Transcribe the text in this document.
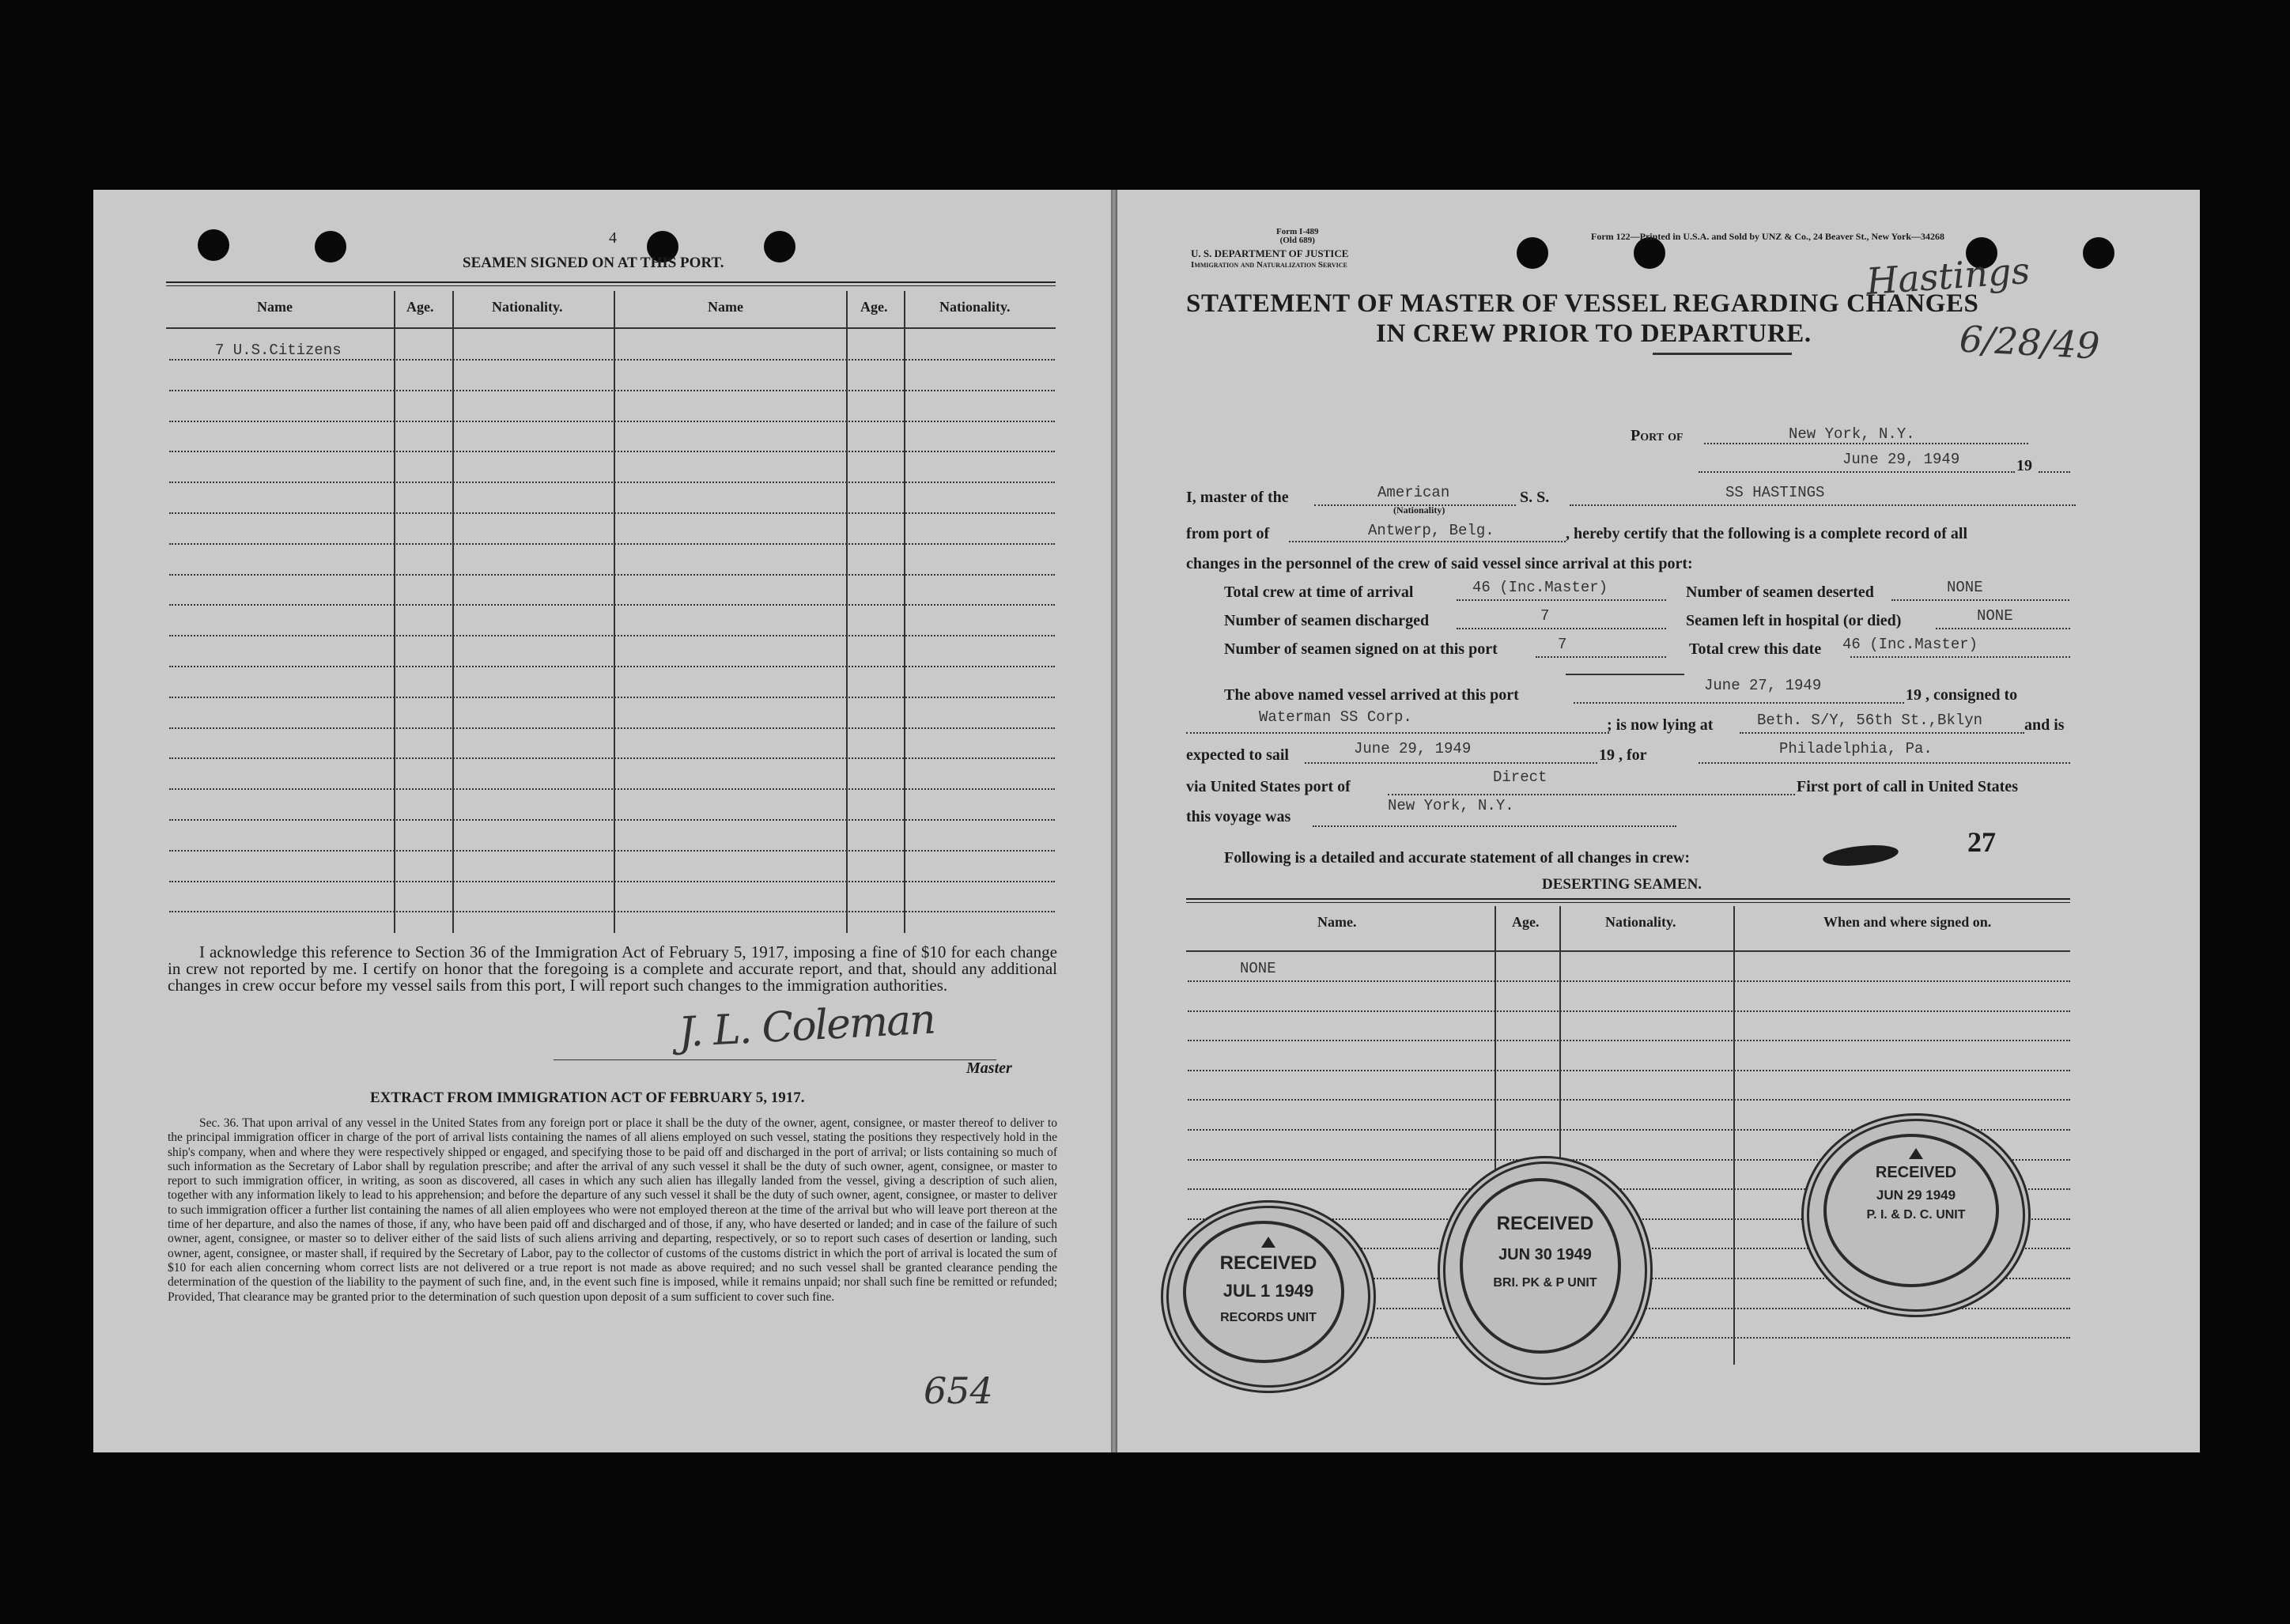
4
SEAMEN SIGNED ON AT THIS PORT.
Name	Age.	Nationality.	Name	Age.	Nationality.
7 U.S.Citizens
I acknowledge this reference to Section 36 of the Immigration Act of February 5, 1917, imposing a fine of $10 for each change in crew not reported by me. I certify on honor that the foregoing is a complete and accurate report, and that, should any additional changes in crew occur before my vessel sails from this port, I will report such changes to the immigration authorities.
J. L. Coleman
Master
EXTRACT FROM IMMIGRATION ACT OF FEBRUARY 5, 1917.
Sec. 36. That upon arrival of any vessel in the United States from any foreign port or place it shall be the duty of the owner, agent, consignee, or master thereof to deliver to the principal immigration officer in charge of the port of arrival lists containing the names of all aliens employed on such vessel, stating the positions they respectively hold in the ship's company, when and where they were respectively shipped or engaged, and specifying those to be paid off and discharged in the port of arrival; or lists containing so much of such information as the Secretary of Labor shall by regulation prescribe; and after the arrival of any such vessel it shall be the duty of such owner, agent, consignee, or master to report to such immigration officer, in writing, as soon as discovered, all cases in which any such alien has illegally landed from the vessel, giving a description of such alien, together with any information likely to lead to his apprehension; and before the departure of any such vessel it shall be the duty of such owner, agent, consignee, or master to deliver to such immigration officer a further list containing the names of all alien employees who were not employed thereon at the time of the arrival but who will leave port thereon at the time of her departure, and also the names of those, if any, who have been paid off and discharged and of those, if any, who have deserted or landed; and in case of the failure of such owner, agent, consignee, or master so to deliver either of the said lists of such aliens arriving and departing, respectively, or so to report such cases of desertion or landing, such owner, agent, consignee, or master shall, if required by the Secretary of Labor, pay to the collector of customs of the customs district in which the port of arrival is located the sum of $10 for each alien concerning whom correct lists are not delivered or a true report is not made as above required; and no such vessel shall be granted clearance pending the determination of the question of the liability to the payment of such fine, and, in the event such fine is imposed, while it remains unpaid; nor shall such fine be remitted or refunded; Provided, That clearance may be granted prior to the determination of such question upon deposit of a sum sufficient to cover such fine.
654
Form I-489
(Old 689)
U. S. DEPARTMENT OF JUSTICE
Immigration and Naturalization Service
Form 122—Printed in U.S.A. and Sold by UNZ & Co., 24 Beaver St., New York—34268
Hastings
6/28/49
STATEMENT OF MASTER OF VESSEL REGARDING CHANGES
IN CREW PRIOR TO DEPARTURE.
Port of	New York, N.Y.
June 29, 1949	19
I, master of the	American
(Nationality)
S. S.	SS HASTINGS
from port of	Antwerp, Belg.	, hereby certify that the following is a complete record of all
changes in the personnel of the crew of said vessel since arrival at this port:
Total crew at time of arrival	46 (Inc.Master)
Number of seamen discharged	7
Number of seamen signed on at this port	7
Number of seamen deserted	NONE
Seamen left in hospital (or died)	NONE
Total crew this date 46 (Inc.Master)
The above named vessel arrived at this port
June 27, 1949
19 , consigned to
Waterman SS Corp.	; is now lying at	Beth. S/Y, 56th St.,Bklyn	and is
expected to sail	June 29, 1949	19 , for	Philadelphia, Pa.
via United States port of
Direct
First port of call in United States
this voyage was
New York, N.Y.
Following is a detailed and accurate statement of all changes in crew:	27
DESERTING SEAMEN.
Name.	Age.	Nationality.	When and where signed on.
NONE
RECEIVED
JUL 1 1949
RECORDS UNIT
RECEIVED
JUN 30 1949
BRI. PK & P UNIT
RECEIVED
JUN 29 1949
P. I. & D. C. UNIT
